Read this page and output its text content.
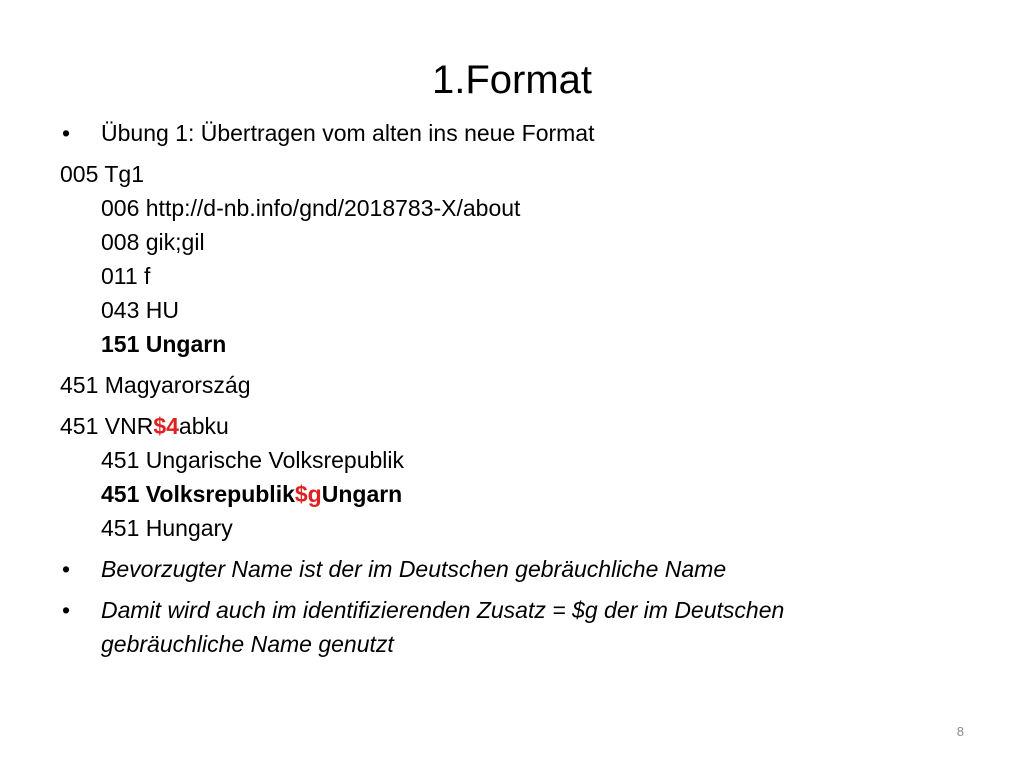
1.Format
• Übung 1: Übertragen vom alten ins neue Format
005 Tg1
006 http://d-nb.info/gnd/2018783-X/about
008 gik;gil
011 f
043 HU
151 Ungarn
451 Magyarország
451 VNR$4abku
451 Ungarische Volksrepublik
451 Volksrepublik$gUngarn
451 Hungary
• Bevorzugter Name ist der im Deutschen gebräuchliche Name
• Damit wird auch im identifizierenden Zusatz = $g der im Deutschen
gebräuchliche Name genutzt
8
